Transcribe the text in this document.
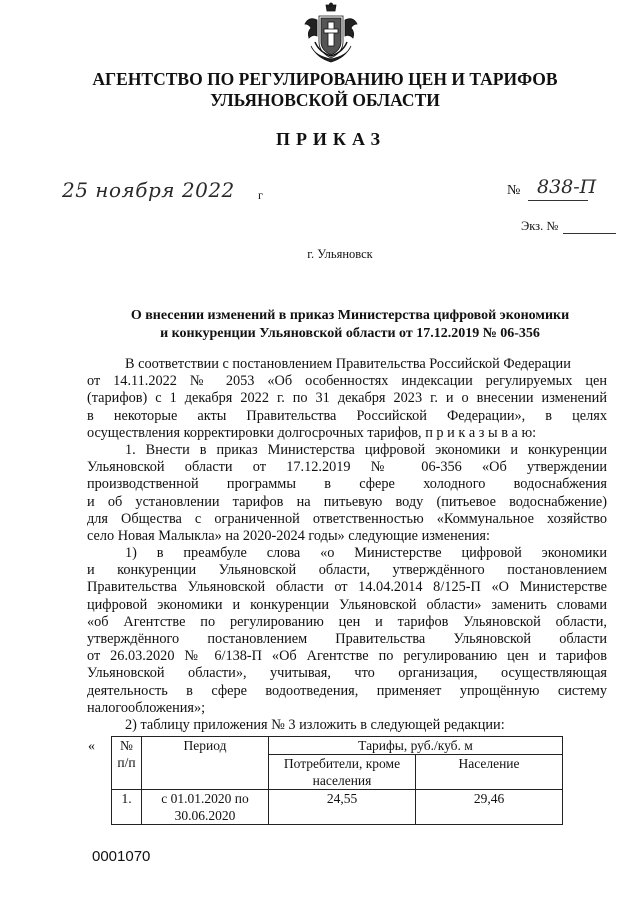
АГЕНТСТВО ПО РЕГУЛИРОВАНИЮ ЦЕН И ТАРИФОВ
УЛЬЯНОВСКОЙ ОБЛАСТИ
ПРИКАЗ
25 ноября 2022 г	№ 838-П
Экз. №
г. Ульяновск
О внесении изменений в приказ Министерства цифровой экономики
и конкуренции Ульяновской области от 17.12.2019 № 06-356
В соответствии с постановлением Правительства Российской Федерации
от 14.11.2022 № 2053 «Об особенностях индексации регулируемых цен
(тарифов) с 1 декабря 2022 г. по 31 декабря 2023 г. и о внесении изменений
в некоторые акты Правительства Российской Федерации», в целях
осуществления корректировки долгосрочных тарифов, п р и к а з ы в а ю:
1. Внести в приказ Министерства цифровой экономики и конкуренции
Ульяновской области от 17.12.2019 № 06-356 «Об утверждении
производственной программы в сфере холодного водоснабжения
и об установлении тарифов на питьевую воду (питьевое водоснабжение)
для Общества с ограниченной ответственностью «Коммунальное хозяйство
село Новая Малыкла» на 2020-2024 годы» следующие изменения:
1) в преамбуле слова «о Министерстве цифровой экономики
и конкуренции Ульяновской области, утверждённого постановлением
Правительства Ульяновской области от 14.04.2014 8/125-П «О Министерстве
цифровой экономики и конкуренции Ульяновской области» заменить словами
«об Агентстве по регулированию цен и тарифов Ульяновской области,
утверждённого постановлением Правительства Ульяновской области
от 26.03.2020 № 6/138-П «Об Агентстве по регулированию цен и тарифов
Ульяновской области», учитывая, что организация, осуществляющая
деятельность в сфере водоотведения, применяет упрощённую систему
налогообложения»;
2) таблицу приложения № 3 изложить в следующей редакции:
« № п/п	Период	Тарифы, руб./куб. м	
		Потребители, кроме населения	Население
1.	с 01.01.2020 по 30.06.2020	24,55	29,46
0001070
